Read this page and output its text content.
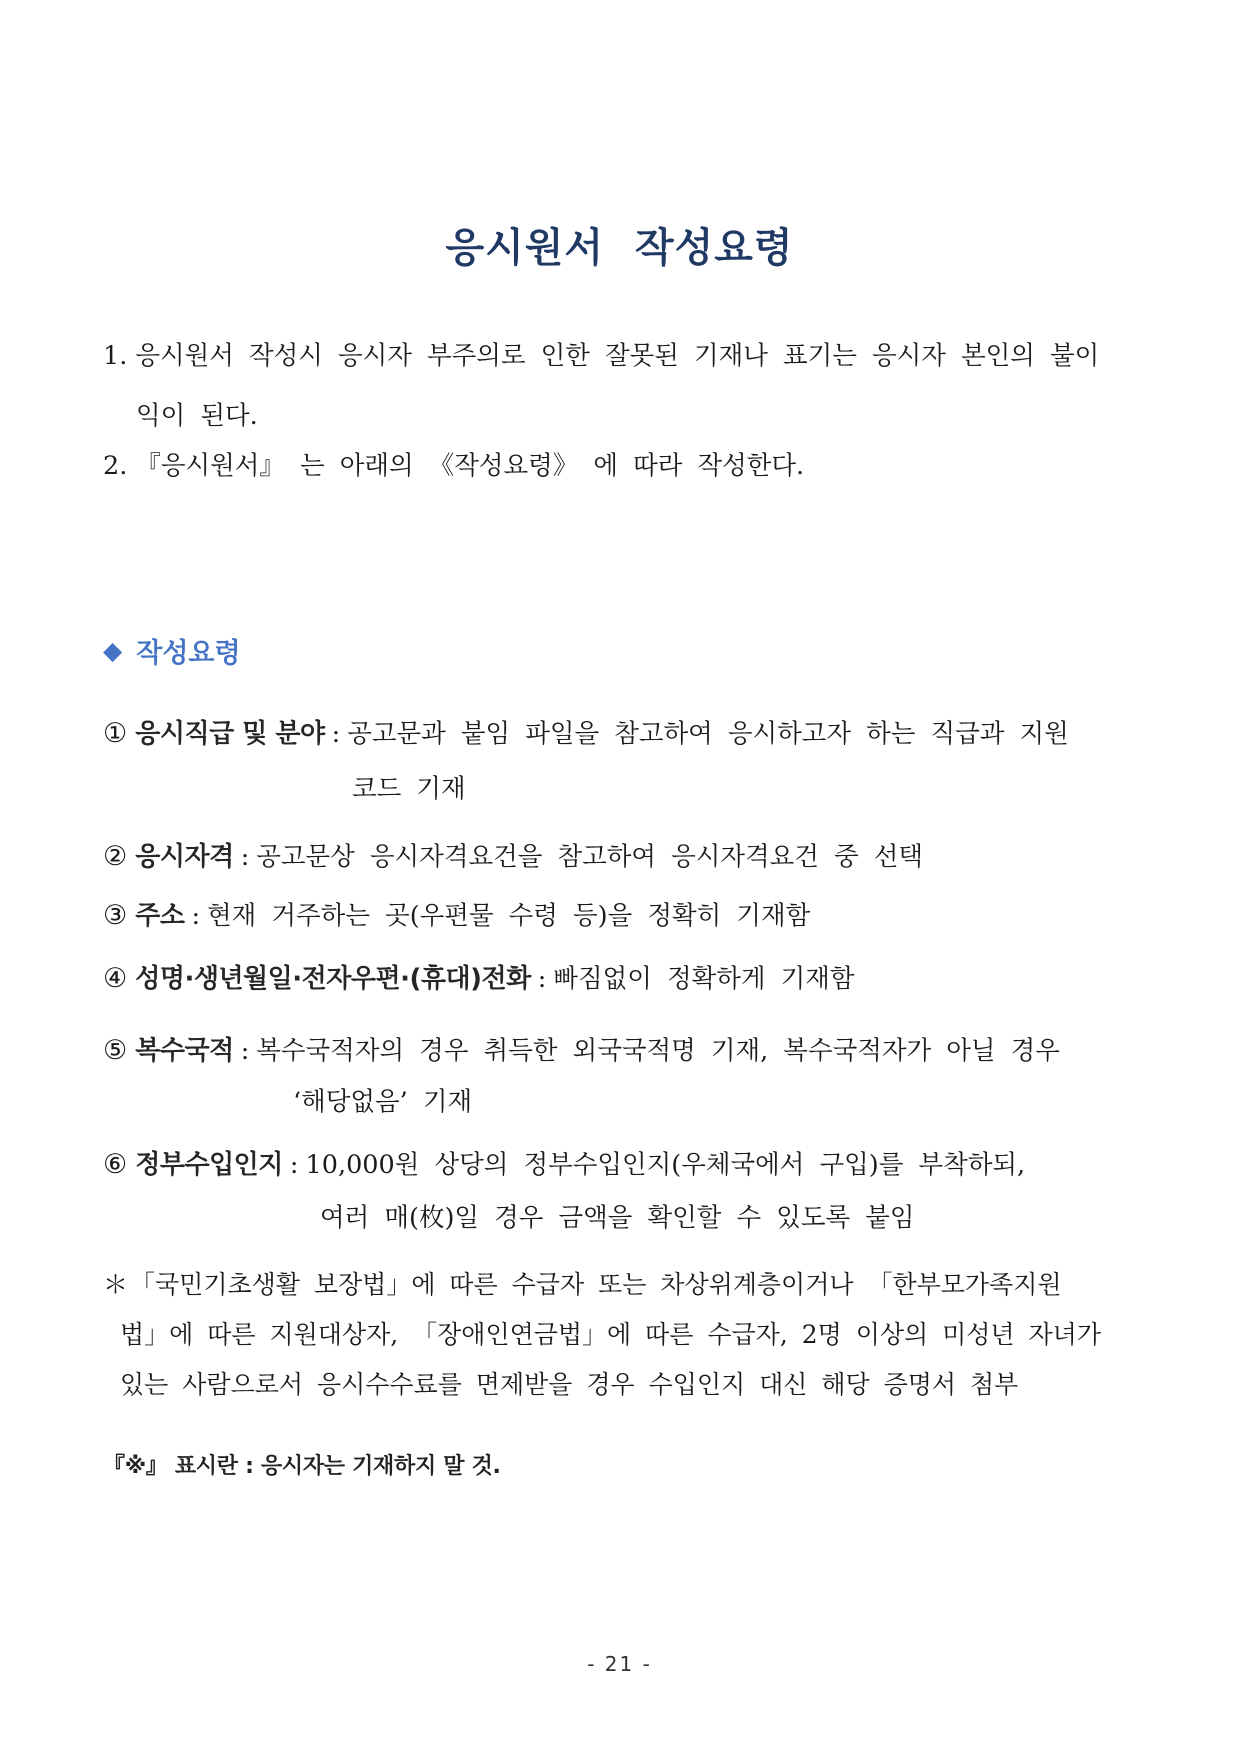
응시원서 작성요령
1. 응시원서 작성시 응시자 부주의로 인한 잘못된 기재나 표기는 응시자 본인의 불이
익이 된다.
2. 『응시원서』 는 아래의 《작성요령》 에 따라 작성한다.
◆ 작성요령
① 응시직급 및 분야 : 공고문과 붙임 파일을 참고하여 응시하고자 하는 직급과 지원
코드 기재
② 응시자격 : 공고문상 응시자격요건을 참고하여 응시자격요건 중 선택
③ 주소 : 현재 거주하는 곳(우편물 수령 등)을 정확히 기재함
④ 성명·생년월일·전자우편·(휴대)전화 : 빠짐없이 정확하게 기재함
⑤ 복수국적 : 복수국적자의 경우 취득한 외국국적명 기재, 복수국적자가 아닐 경우
‘해당없음’ 기재
⑥ 정부수입인지 : 10,000원 상당의 정부수입인지(우체국에서 구입)를 부착하되,
여러 매(枚)일 경우 금액을 확인할 수 있도록 붙임
＊「국민기초생활 보장법」에 따른 수급자 또는 차상위계층이거나 「한부모가족지원
법」에 따른 지원대상자, 「장애인연금법」에 따른 수급자, 2명 이상의 미성년 자녀가
있는 사람으로서 응시수수료를 면제받을 경우 수입인지 대신 해당 증명서 첨부
『※』 표시란 : 응시자는 기재하지 말 것.
- 21 -
